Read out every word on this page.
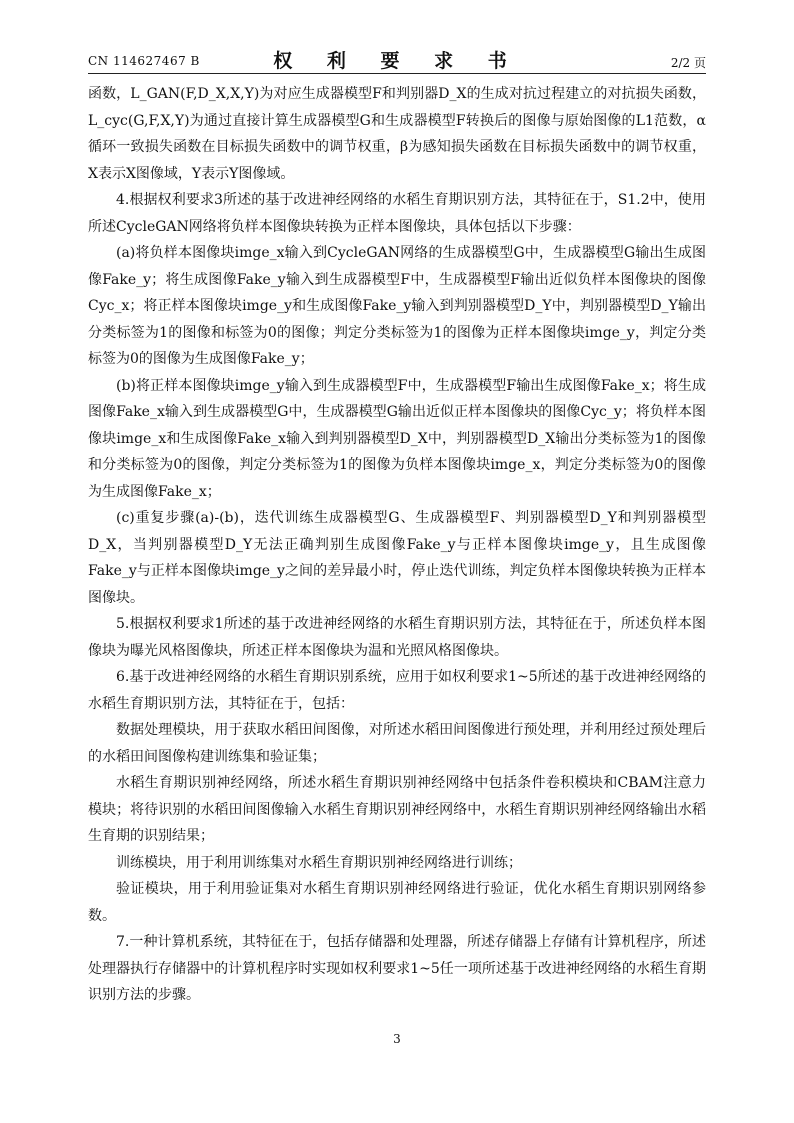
CN 114627467 B	权 利 要 求 书	2/2 页

函数，L_GAN(F,D_X,X,Y)为对应生成器模型F和判别器D_X的生成对抗过程建立的对抗损失函数，L_cyc(G,F,X,Y)为通过直接计算生成器模型G和生成器模型F转换后的图像与原始图像的L1范数，α循环一致损失函数在目标损失函数中的调节权重，β为感知损失函数在目标损失函数中的调节权重，X表示X图像域，Y表示Y图像域。

4.根据权利要求3所述的基于改进神经网络的水稻生育期识别方法，其特征在于，S1.2中，使用所述CycleGAN网络将负样本图像块转换为正样本图像块，具体包括以下步骤：

(a)将负样本图像块imge_x输入到CycleGAN网络的生成器模型G中，生成器模型G输出生成图像Fake_y；将生成图像Fake_y输入到生成器模型F中，生成器模型F输出近似负样本图像块的图像Cyc_x；将正样本图像块imge_y和生成图像Fake_y输入到判别器模型D_Y中，判别器模型D_Y输出分类标签为1的图像和标签为0的图像；判定分类标签为1的图像为正样本图像块imge_y，判定分类标签为0的图像为生成图像Fake_y；

(b)将正样本图像块imge_y输入到生成器模型F中，生成器模型F输出生成图像Fake_x；将生成图像Fake_x输入到生成器模型G中，生成器模型G输出近似正样本图像块的图像Cyc_y；将负样本图像块imge_x和生成图像Fake_x输入到判别器模型D_X中，判别器模型D_X输出分类标签为1的图像和分类标签为0的图像，判定分类标签为1的图像为负样本图像块imge_x，判定分类标签为0的图像为生成图像Fake_x；

(c)重复步骤(a)-(b)，迭代训练生成器模型G、生成器模型F、判别器模型D_Y和判别器模型D_X，当判别器模型D_Y无法正确判别生成图像Fake_y与正样本图像块imge_y，且生成图像Fake_y与正样本图像块imge_y之间的差异最小时，停止迭代训练，判定负样本图像块转换为正样本图像块。

5.根据权利要求1所述的基于改进神经网络的水稻生育期识别方法，其特征在于，所述负样本图像块为曝光风格图像块，所述正样本图像块为温和光照风格图像块。

6.基于改进神经网络的水稻生育期识别系统，应用于如权利要求1~5所述的基于改进神经网络的水稻生育期识别方法，其特征在于，包括：

数据处理模块，用于获取水稻田间图像，对所述水稻田间图像进行预处理，并利用经过预处理后的水稻田间图像构建训练集和验证集；

水稻生育期识别神经网络，所述水稻生育期识别神经网络中包括条件卷积模块和CBAM注意力模块；将待识别的水稻田间图像输入水稻生育期识别神经网络中，水稻生育期识别神经网络输出水稻生育期的识别结果；

训练模块，用于利用训练集对水稻生育期识别神经网络进行训练；

验证模块，用于利用验证集对水稻生育期识别神经网络进行验证，优化水稻生育期识别网络参数。

7.一种计算机系统，其特征在于，包括存储器和处理器，所述存储器上存储有计算机程序，所述处理器执行存储器中的计算机程序时实现如权利要求1~5任一项所述基于改进神经网络的水稻生育期识别方法的步骤。

3
